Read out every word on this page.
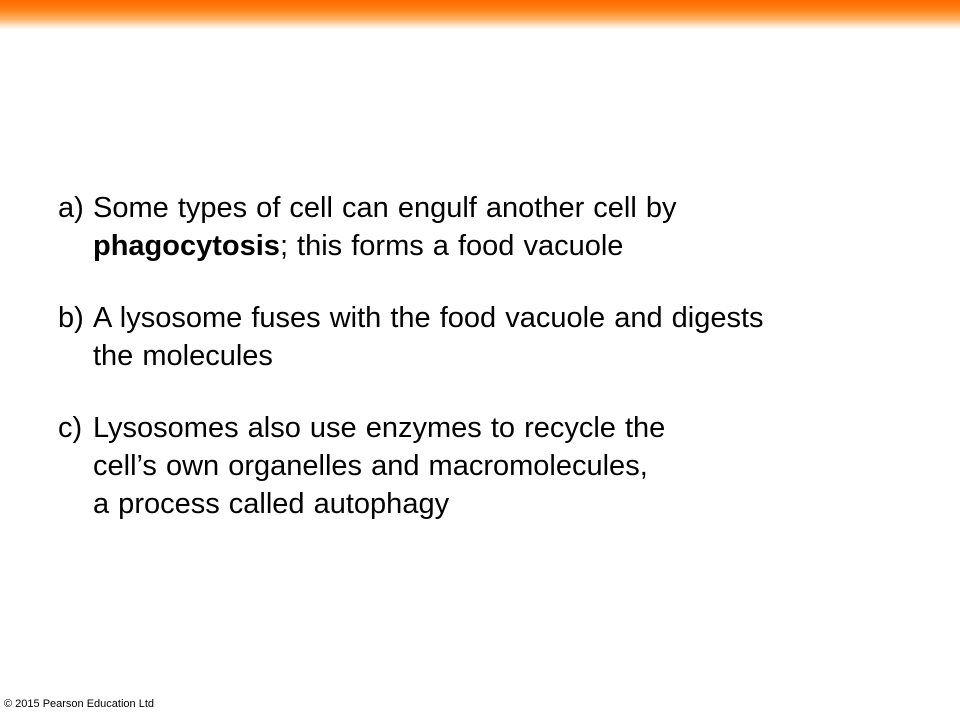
a) Some types of cell can engulf another cell by
phagocytosis; this forms a food vacuole
b) A lysosome fuses with the food vacuole and digests
the molecules
c) Lysosomes also use enzymes to recycle the
cell’s own organelles and macromolecules,
a process called autophagy
© 2015 Pearson Education Ltd
